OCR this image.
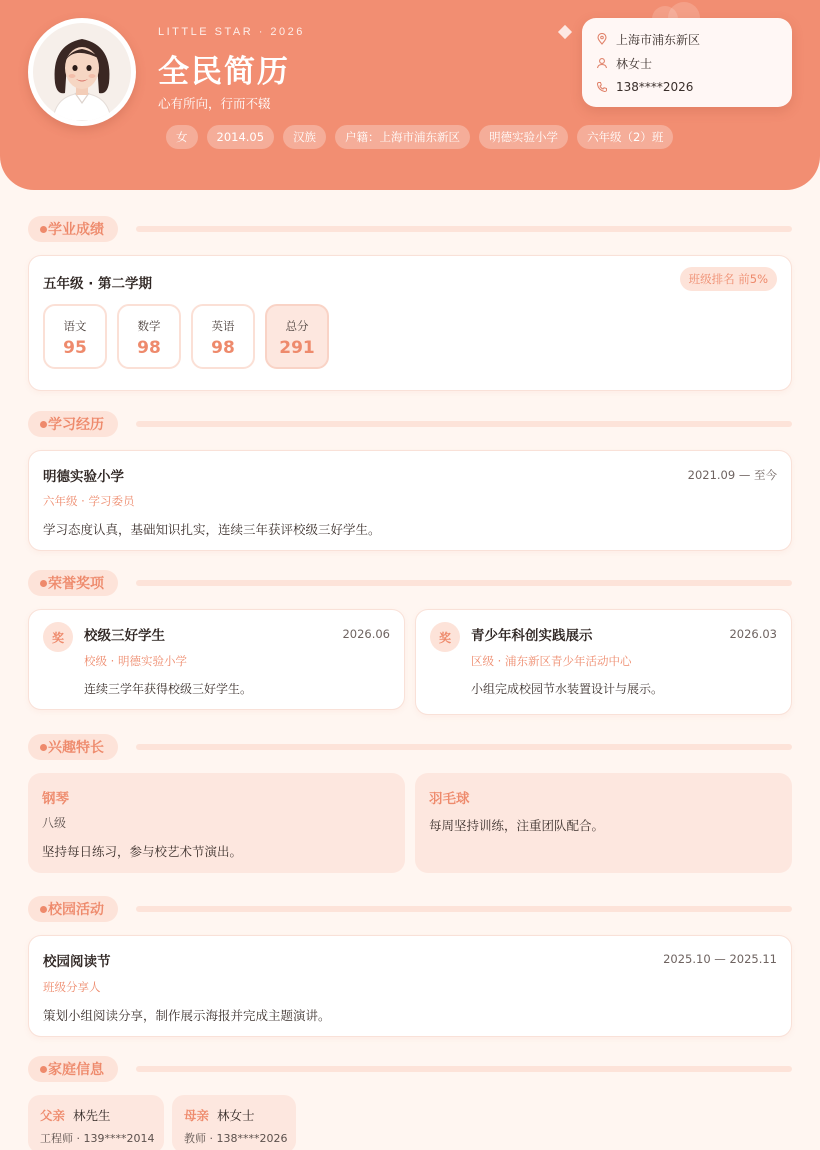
LITTLE STAR · 2026
全民简历
心有所向，行而不辍
女	2014.05	汉族	户籍：上海市浦东新区	明德实验小学	六年级（2）班
上海市浦东新区
林女士
138****2026
学业成绩
五年级 · 第二学期	班级排名 前5%
语文
95
数学
98
英语
98
总分
291
学习经历
明德实验小学	2021.09 — 至今
六年级 · 学习委员
学习态度认真，基础知识扎实，连续三年获评校级三好学生。
荣誉奖项
奖	校级三好学生	2026.06
校级 · 明德实验小学
连续三学年获得校级三好学生。
奖	青少年科创实践展示	2026.03
区级 · 浦东新区青少年活动中心
小组完成校园节水装置设计与展示。
兴趣特长
钢琴
八级
坚持每日练习，参与校艺术节演出。
羽毛球
每周坚持训练，注重团队配合。
校园活动
校园阅读节	2025.10 — 2025.11
班级分享人
策划小组阅读分享，制作展示海报并完成主题演讲。
家庭信息
父亲 林先生
工程师 · 139****2014
母亲 林女士
教师 · 138****2026
